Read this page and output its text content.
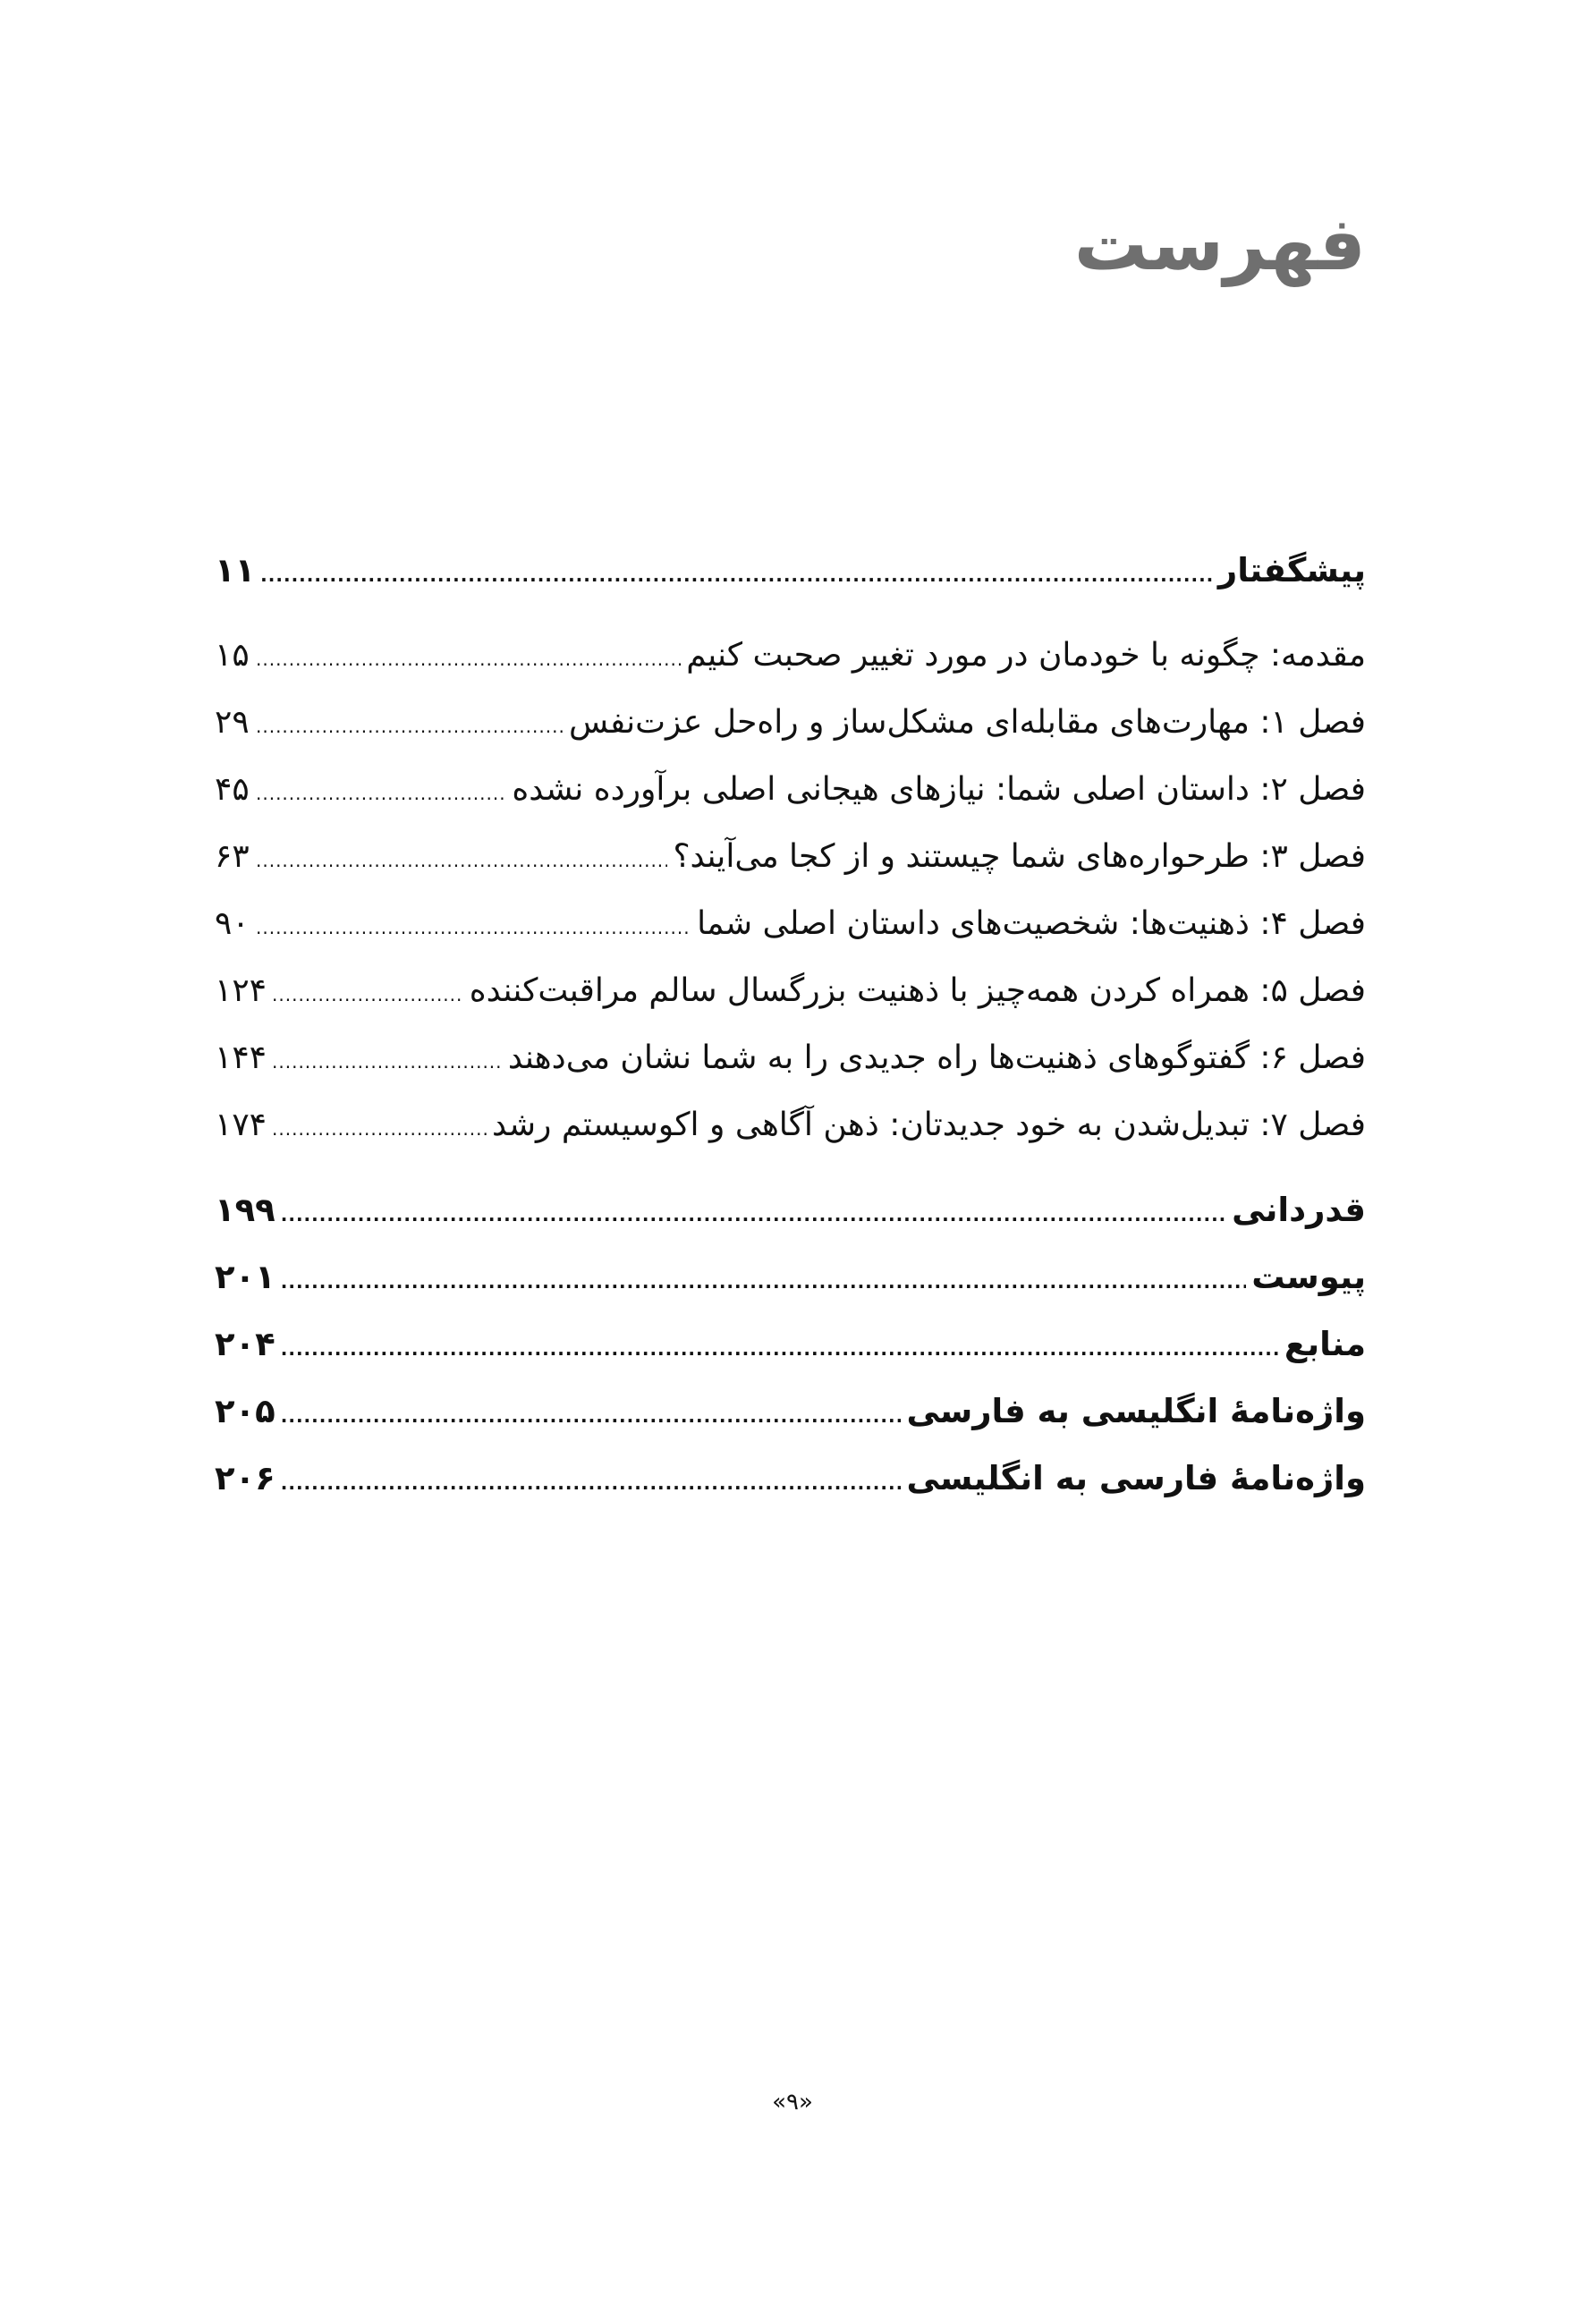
فهرست
پیشگفتار
.....
۱۱
مقدمه: چگونه با خودمان در مورد تغییر صحبت کنیم
.....
۱۵
فصل ۱: مهارت‌های مقابله‌ای مشکل‌ساز و راه‌حل عزت‌نفس
.....
۲۹
فصل ۲: داستان اصلی شما: نیازهای هیجانی اصلی برآورده نشده
.....
۴۵
فصل ۳: طرحواره‌های شما چیستند و از کجا می‌آیند؟
.....
۶۳
فصل ۴: ذهنیت‌ها: شخصیت‌های داستان اصلی شما
.....
۹۰
فصل ۵: همراه کردن همه‌چیز با ذهنیت بزرگسال سالم مراقبت‌کننده
.....
۱۲۴
فصل ۶: گفتوگوهای ذهنیت‌ها راه جدیدی را به شما نشان می‌دهند
.....
۱۴۴
فصل ۷: تبدیل‌شدن به خود جدیدتان: ذهن آگاهی و اکوسیستم رشد
.....
۱۷۴
قدردانی
.....
۱۹۹
پیوست
.....
۲۰۱
منابع
.....
۲۰۴
واژه‌نامهٔ انگلیسی به فارسی
.....
۲۰۵
واژه‌نامهٔ فارسی به انگلیسی
.....
۲۰۶
«۹»
